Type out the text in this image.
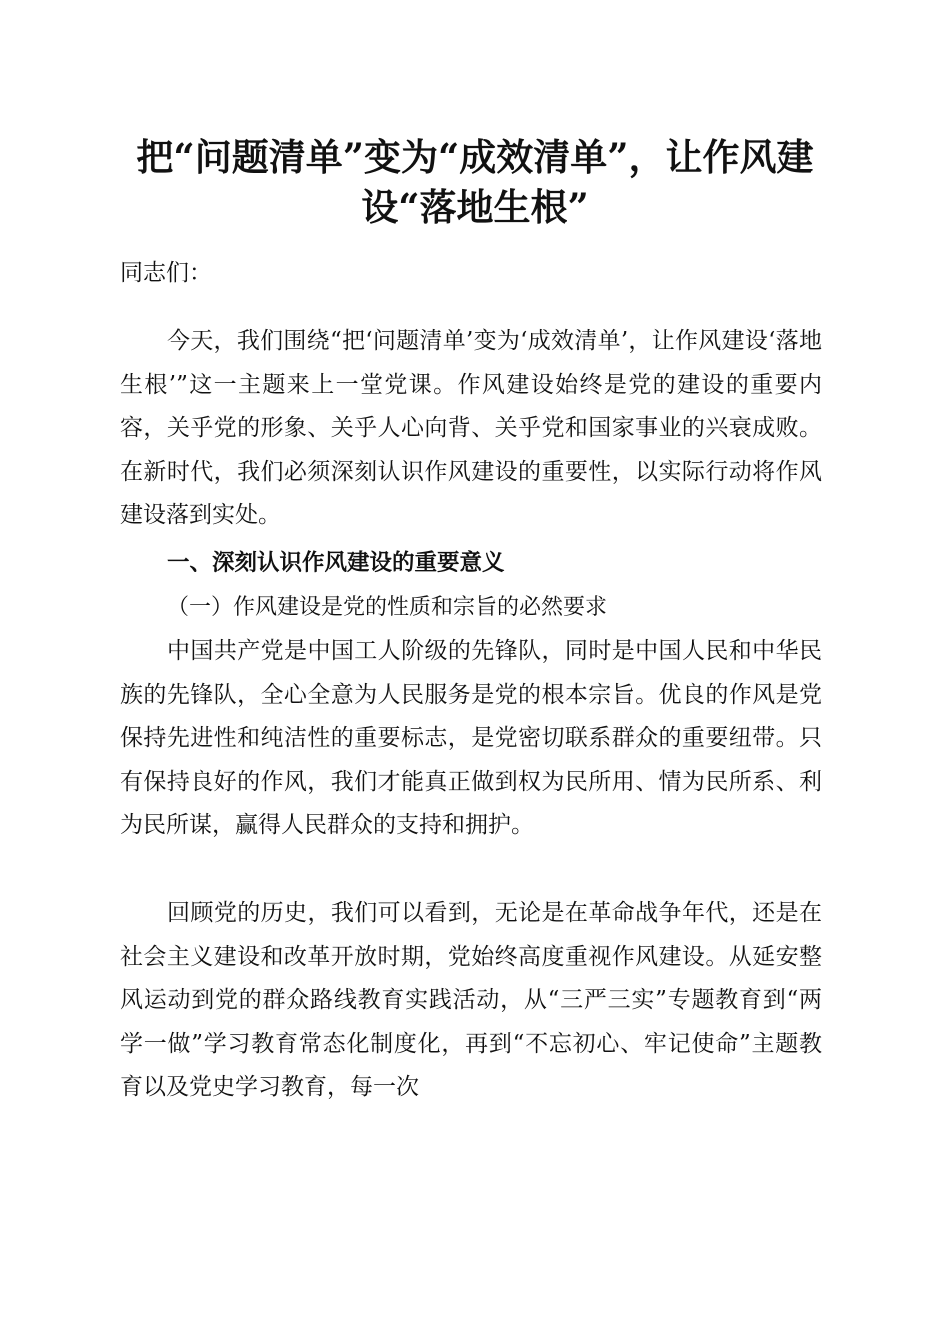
把“问题清单”变为“成效清单”，让作风建
设“落地生根”

同志们：

今天，我们围绕“把‘问题清单’变为‘成效清单’，让作风建设‘落地生根’”这一主题来上一堂党课。作风建设始终是党的建设的重要内容，关乎党的形象、关乎人心向背、关乎党和国家事业的兴衰成败。在新时代，我们必须深刻认识作风建设的重要性，以实际行动将作风建设落到实处。

一、深刻认识作风建设的重要意义

（一）作风建设是党的性质和宗旨的必然要求

中国共产党是中国工人阶级的先锋队，同时是中国人民和中华民族的先锋队，全心全意为人民服务是党的根本宗旨。优良的作风是党保持先进性和纯洁性的重要标志，是党密切联系群众的重要纽带。只有保持良好的作风，我们才能真正做到权为民所用、情为民所系、利为民所谋，赢得人民群众的支持和拥护。

回顾党的历史，我们可以看到，无论是在革命战争年代，还是在社会主义建设和改革开放时期，党始终高度重视作风建设。从延安整风运动到党的群众路线教育实践活动，从“三严三实”专题教育到“两学一做”学习教育常态化制度化，再到“不忘初心、牢记使命”主题教育以及党史学习教育，每一次
